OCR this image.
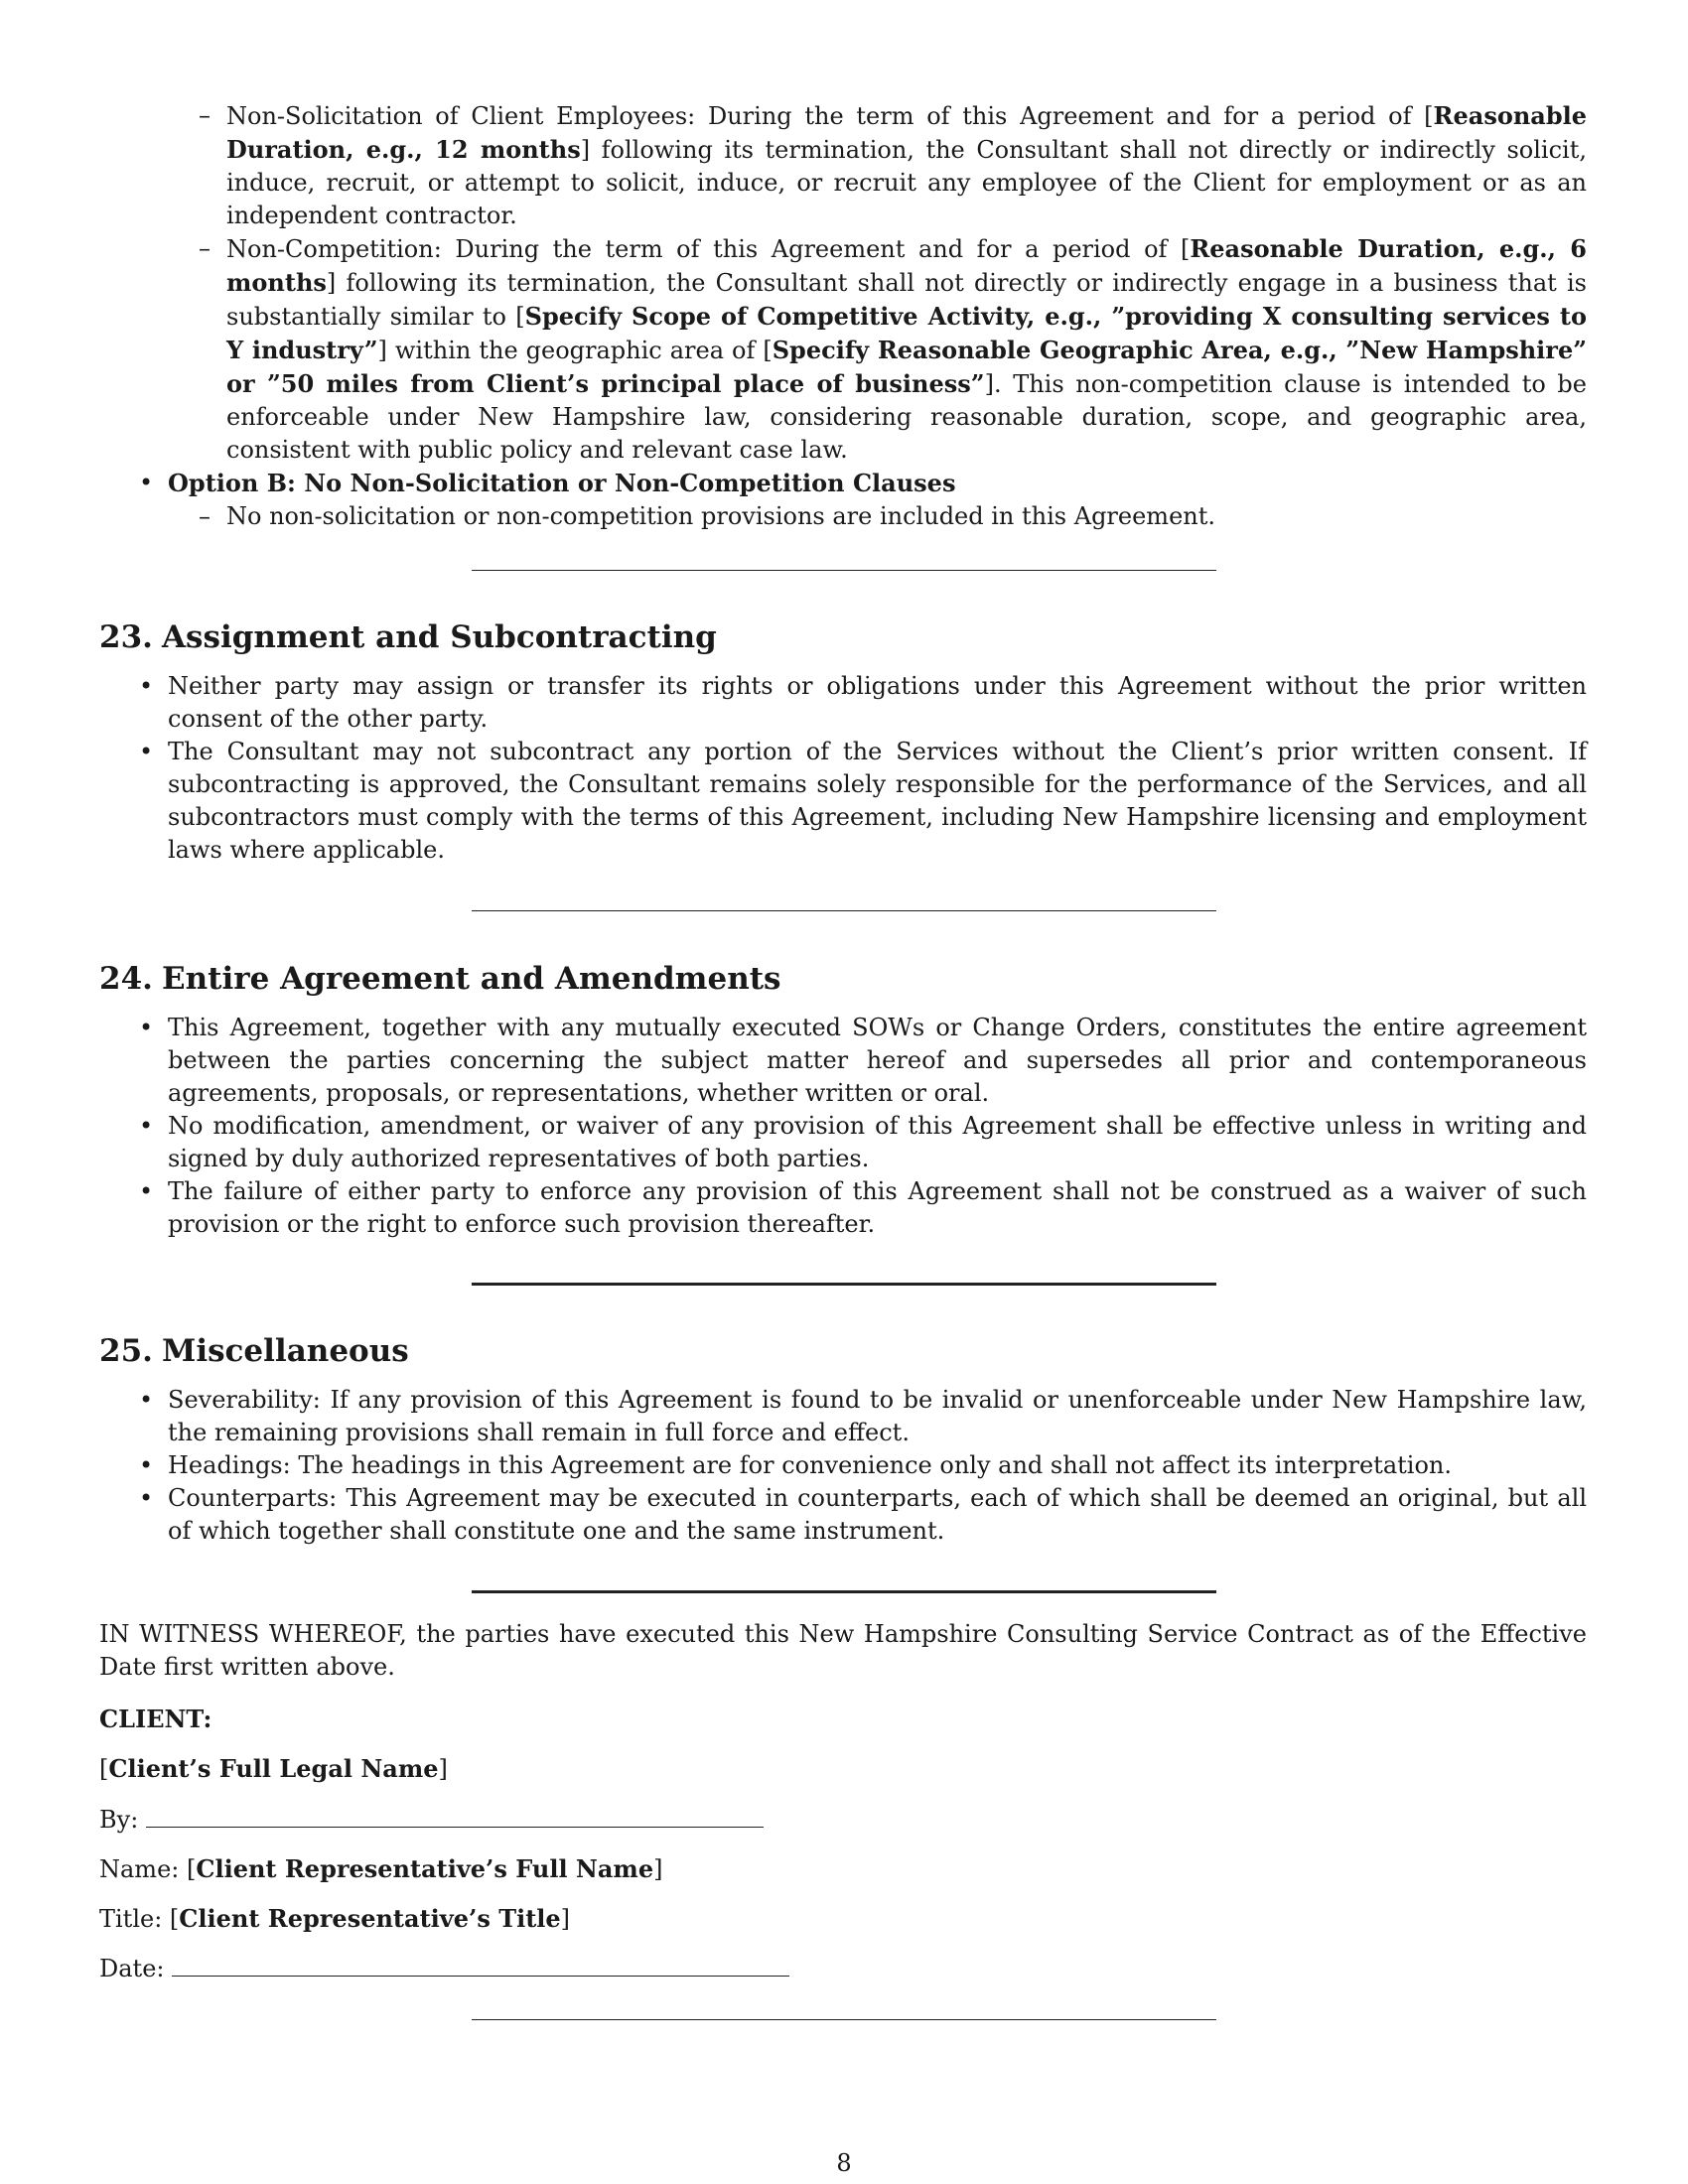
– Non-Solicitation of Client Employees: During the term of this Agreement and for a period of [Reasonable Duration, e.g., 12 months] following its termination, the Consultant shall not directly or indirectly solicit, induce, recruit, or attempt to solicit, induce, or recruit any employee of the Client for employment or as an independent contractor.
– Non-Competition: During the term of this Agreement and for a period of [Reasonable Duration, e.g., 6 months] following its termination, the Consultant shall not directly or indirectly engage in a business that is substantially similar to [Specify Scope of Competitive Activity, e.g., ”providing X consulting services to Y industry”] within the geographic area of [Specify Reasonable Geographic Area, e.g., ”New Hampshire” or ”50 miles from Client’s principal place of business”]. This non-competition clause is intended to be enforceable under New Hampshire law, considering reasonable duration, scope, and geographic area, consistent with public policy and relevant case law.
• Option B: No Non-Solicitation or Non-Competition Clauses
– No non-solicitation or non-competition provisions are included in this Agreement.
23. Assignment and Subcontracting
• Neither party may assign or transfer its rights or obligations under this Agreement without the prior written consent of the other party.
• The Consultant may not subcontract any portion of the Services without the Client’s prior written consent. If subcontracting is approved, the Consultant remains solely responsible for the performance of the Services, and all subcontractors must comply with the terms of this Agreement, including New Hampshire licensing and employment laws where applicable.
24. Entire Agreement and Amendments
• This Agreement, together with any mutually executed SOWs or Change Orders, constitutes the entire agreement between the parties concerning the subject matter hereof and supersedes all prior and contemporaneous agreements, proposals, or representations, whether written or oral.
• No modification, amendment, or waiver of any provision of this Agreement shall be effective unless in writing and signed by duly authorized representatives of both parties.
• The failure of either party to enforce any provision of this Agreement shall not be construed as a waiver of such provision or the right to enforce such provision thereafter.
25. Miscellaneous
• Severability: If any provision of this Agreement is found to be invalid or unenforceable under New Hampshire law, the remaining provisions shall remain in full force and effect.
• Headings: The headings in this Agreement are for convenience only and shall not affect its interpretation.
• Counterparts: This Agreement may be executed in counterparts, each of which shall be deemed an original, but all of which together shall constitute one and the same instrument.
IN WITNESS WHEREOF, the parties have executed this New Hampshire Consulting Service Contract as of the Effective Date first written above.
CLIENT:
[Client’s Full Legal Name]
By:
Name: [Client Representative’s Full Name]
Title: [Client Representative’s Title]
Date:
8
